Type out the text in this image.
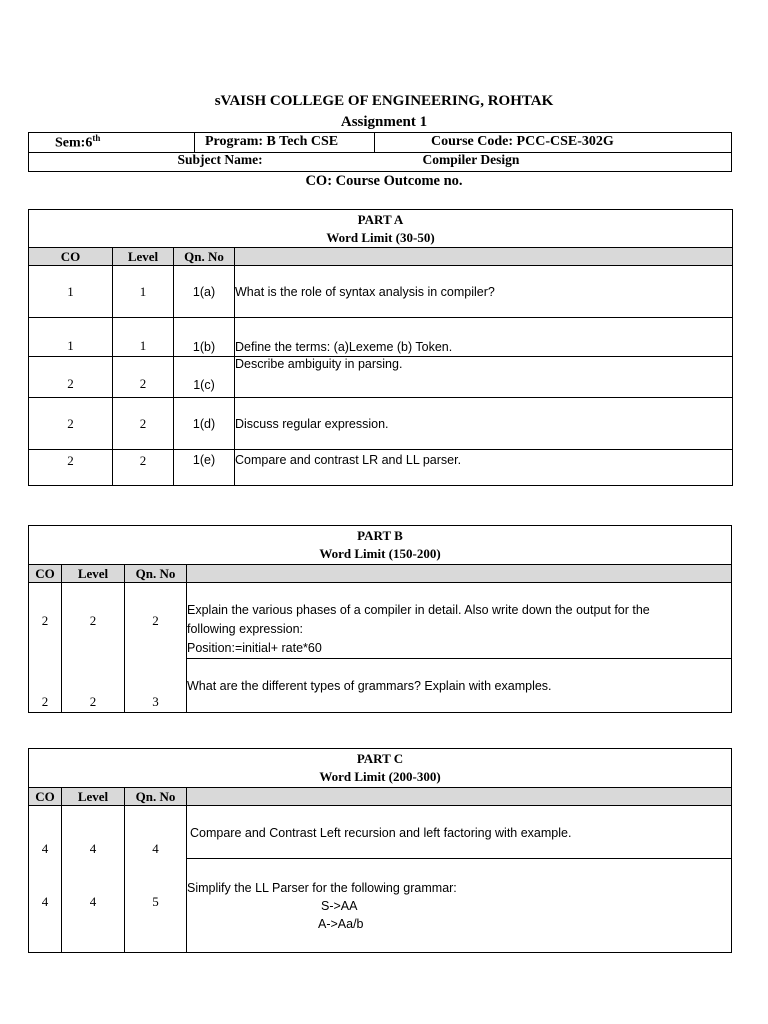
sVAISH COLLEGE OF ENGINEERING, ROHTAK
Assignment 1
Sem:6th	Program: B Tech CSE	Course Code: PCC-CSE-302G

Subject Name:	Compiler Design
CO: Course Outcome no.
PART A
Word Limit (30-50)			

CO	Level	Qn. No	
1	1	1(a)	What is the role of syntax analysis in compiler?
1	1	1(b)	Define the terms: (a)Lexeme (b) Token.
2	2	1(c)	Describe ambiguity in parsing.
2	2	1(d)	Discuss regular expression.
2	2	1(e)	Compare and contrast LR and LL parser.
PART B
Word Limit (150-200)			

CO	Level	Qn. No	
2	2	2	Explain the various phases of a compiler in detail. Also write down the output for the
following expression:
Position:=initial+ rate*60

2	2	3	What are the different types of grammars? Explain with examples.
PART C
Word Limit (200-300)			

CO	Level	Qn. No	
4	4	4	Compare and Contrast Left recursion and left factoring with example.
4	4	5	Simplify the LL Parser for the following grammar:
S->AA
A->Aa/b
